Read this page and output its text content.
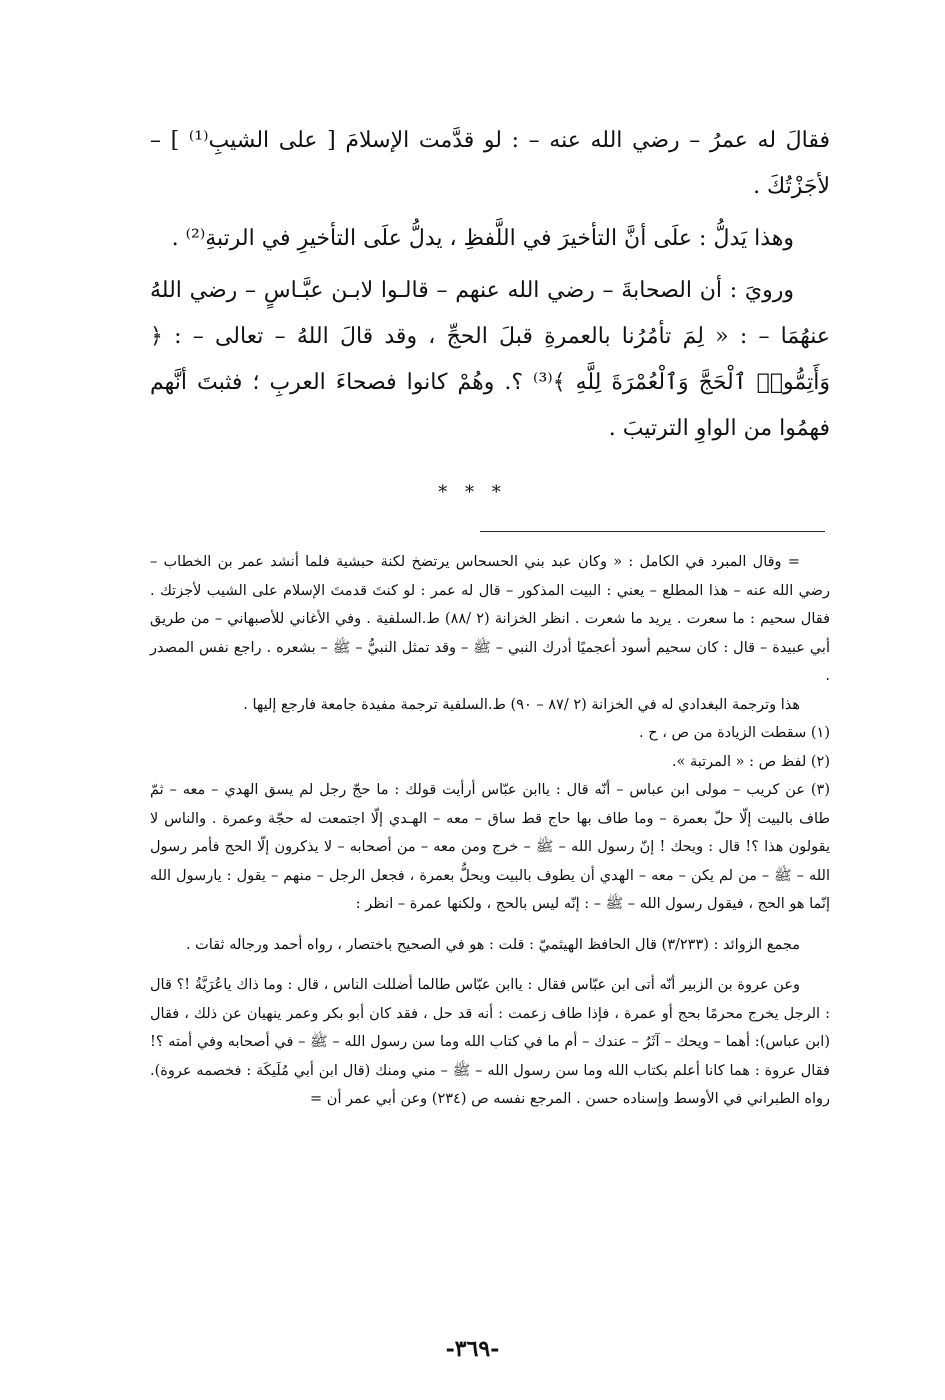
فقالَ له عمرُ – رضي الله عنه – : لو قدَّمت الإسلامَ [ على الشيبِ⁽¹⁾ ] – لأجَزْتُكَ .

وهذا يَدلُّ : علَى أنَّ التأخيرَ في اللَّفظِ ، يدلُّ علَى التأخيرِ في الرتبةِ⁽²⁾ .

ورويَ : أن الصحابةَ – رضي الله عنهم – قالـوا لابـن عبَّـاسٍ – رضي اللهُ عنهُمَا – : « لِمَ تأمُرُنا بالعمرةِ قبلَ الحجِّ ، وقد قالَ اللهُ – تعالى – : ﴿ وَأَتِمُّوا۟ ٱلْحَجَّ وَٱلْعُمْرَةَ لِلَّهِ ﴾⁽³⁾ ؟. وهُمْ كانوا فصحاءَ العربِ ؛ فثبتَ أنَّهم فهمُوا من الواوِ الترتيبَ .

* * *

= وقال المبرد في الكامل : « وكان عبد بني الحسحاس يرتضخ لكنة حبشية فلما أنشد عمر بن الخطاب – رضي الله عنه – هذا المطلع – يعني : البيت المذكور – قال له عمر : لو كنتَ قدمتَ الإسلام على الشيب لأجزتك . فقال سحيم : ما سعرت . يريد ما شعرت . انظر الخزانة (٢ /٨٨) ط.السلفية . وفي الأغاني للأصبهاني – من طريق أبي عبيدة – قال : كان سحيم أسود أعجميًا أدرك النبي – ﷺ – وقد تمثل النبيُّ – ﷺ – بشعره . راجع نفس المصدر .

هذا وترجمة البغدادي له في الخزانة (٢ /٨٧ – ٩٠) ط.السلفية ترجمة مفيدة جامعة فارجع إليها .

(١) سقطت الزيادة من ص ، ح .

(٢) لفظ ص : « المرتبة ».

(٣) عن كريب – مولى ابن عباس – أنّه قال : ياابن عبّاس أرأيت قولك : ما حجّ رجل لم يسق الهدي – معه – ثمّ طاف بالبيت إلّا حلّ بعمرة – وما طاف بها حاج قط ساق – معه – الهـدي إلّا اجتمعت له حجّة وعمرة . والناس لا يقولون هذا ؟! قال : ويحك ! إنّ رسول الله – ﷺ – خرج ومن معه – من أصحابه – لا يذكرون إلّا الحج فأمر رسول الله – ﷺ – من لم يكن – معه – الهدي أن يطوف بالبيت ويحلُّ بعمرة ، فجعل الرجل – منهم – يقول : يارسول الله إنّما هو الحج ، فيقول رسول الله – ﷺ – : إنّه ليس بالحج ، ولكنها عمرة – انظر :

مجمع الزوائد : (٣/٢٣٣) قال الحافظ الهيثميّ : قلت : هو في الصحيح باختصار ، رواه أحمد ورجاله ثقات .

وعن عروة بن الزبير أنّه أتى ابن عبّاس فقال : ياابن عبّاس طالما أضللت الناس ، قال : وما ذاك ياعُرَيَّةُ !؟ قال : الرجل يخرج محرمًا بحج أو عمرة ، فإذا طاف زعمت : أنه قد حل ، فقد كان أبو بكر وعمر ينهيان عن ذلك ، فقال (ابن عباس): أهما – ويحك – آثَرُ – عندك – أم ما في كتاب الله وما سن رسول الله – ﷺ – في أصحابه وفي أمته ؟! فقال عروة : هما كانا أعلم بكتاب الله وما سن رسول الله – ﷺ – مني ومنك (قال ابن أبي مُلَيكَة : فخصمه عروة). رواه الطبراني في الأوسط وإسناده حسن . المرجع نفسه ص (٢٣٤) وعن أبي عمر أن =

-٣٦٩-
